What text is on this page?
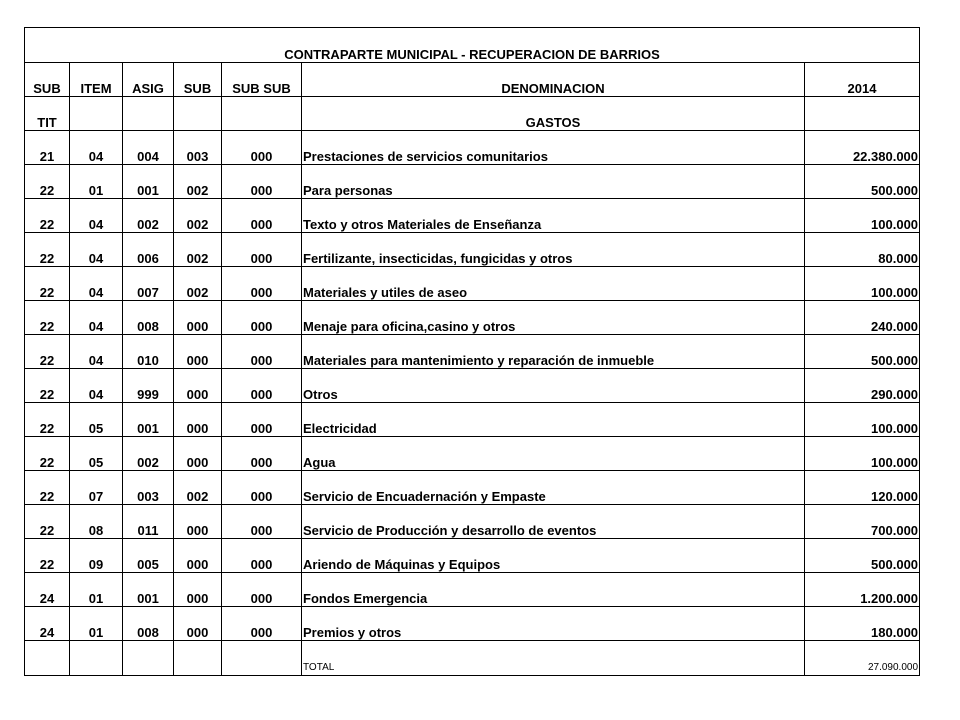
CONTRAPARTE MUNICIPAL - RECUPERACION DE BARRIOS						
SUB	ITEM	ASIG	SUB	SUB SUB	DENOMINACION	2014
TIT					GASTOS	
21	04	004	003	000	Prestaciones de servicios comunitarios	22.380.000
22	01	001	002	000	Para personas	500.000
22	04	002	002	000	Texto y otros Materiales de Enseñanza	100.000
22	04	006	002	000	Fertilizante, insecticidas, fungicidas y otros	80.000
22	04	007	002	000	Materiales y utiles de aseo	100.000
22	04	008	000	000	Menaje para oficina,casino y otros	240.000
22	04	010	000	000	Materiales para mantenimiento y reparación de inmueble	500.000
22	04	999	000	000	Otros	290.000
22	05	001	000	000	Electricidad	100.000
22	05	002	000	000	Agua	100.000
22	07	003	002	000	Servicio de Encuadernación y Empaste	120.000
22	08	011	000	000	Servicio de Producción y desarrollo de eventos	700.000
22	09	005	000	000	Ariendo de Máquinas y Equipos	500.000
24	01	001	000	000	Fondos Emergencia	1.200.000
24	01	008	000	000	Premios y otros	180.000
					TOTAL	27.090.000
